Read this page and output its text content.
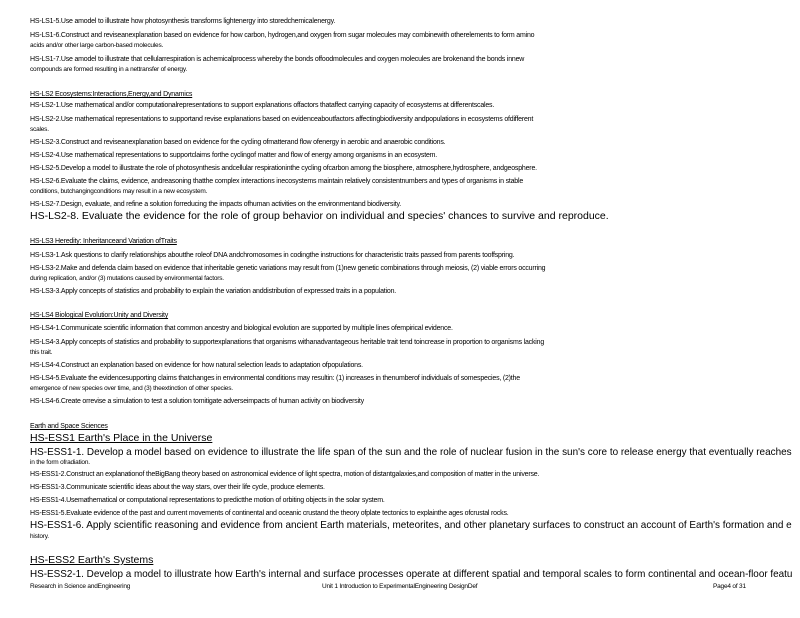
HS-LS1-5.Use amodel to illustrate how photosynthesis transforms lightenergy into storedchemicalenergy.
HS-LS1-6.Construct and reviseanexplanation based on evidence for how carbon, hydrogen,and oxygen from sugar molecules may combinewith otherelements to form amino
acids and/or other large carbon-based molecules.
HS-LS1-7.Use amodel to illustrate that cellularrespiration is achemicalprocess whereby the bonds offoodmolecules and oxygen molecules are brokenand the bonds innew
compounds are formed resulting in a nettransfer of energy.
HS-LS2 Ecosystems:Interactions,Energy,and Dynamics
HS-LS2-1.Use mathematical and/or computationalrepresentations to support explanations offactors thataffect carrying capacity of ecosystems at differentscales.
HS-LS2-2.Use mathematical representations to supportand revise explanations based on evidenceaboutfactors affectingbiodiversity andpopulations in ecosystems ofdifferent
scales.
HS-LS2-3.Construct and reviseanexplanation based on evidence for the cycling ofmatterand flow ofenergy in aerobic and anaerobic conditions.
HS-LS2-4.Use mathematical representations to supportclaims forthe cyclingof matter and flow of energy among organisms in an ecosystem.
HS-LS2-5.Develop a model to illustrate the role of photosynthesis andcellular respirationinthe cycling ofcarbon among the biosphere, atmosphere,hydrosphere, andgeosphere.
HS-LS2-6.Evaluate the claims, evidence, andreasoning thatthe complex interactions inecosystems maintain relatively consistentnumbers and types of organisms in stable
conditions, butchangingconditions may result in a new ecosystem.
HS-LS2-7.Design, evaluate, and refine a solution forreducing the impacts ofhuman activities on the environmentand biodiversity.
HS-LS2-8. Evaluate the evidence for the role of group behavior on individual and species' chances to survive and reproduce.
HS-LS3 Heredity: Inheritanceand Variation ofTraits
HS-LS3-1.Ask questions to clarify relationships aboutthe roleof DNA andchromosomes in codingthe instructions for characteristic traits passed from parents tooffspring.
HS-LS3-2.Make and defenda claim based on evidence that inheritable genetic variations may result from (1)new genetic combinations through meiosis, (2) viable errors occurring
during replication, and/or (3) mutations caused by environmental factors.
HS-LS3-3.Apply concepts of statistics and probability to explain the variation anddistribution of expressed traits in a population.
HS-LS4 Biological Evolution:Unity and Diversity
HS-LS4-1.Communicate scientific information that common ancestry and biological evolution are supported by multiple lines ofempirical evidence.
HS-LS4-3.Apply concepts of statistics and probability to supportexplanations that organisms withanadvantageous heritable trait tend toincrease in proportion to organisms lacking
this trait.
HS-LS4-4.Construct an explanation based on evidence for how natural selection leads to adaptation ofpopulations.
HS-LS4-5.Evaluate the evidencesupporting claims thatchanges in environmental conditions may resultin: (1) increases in thenumberof individuals of somespecies, (2)the
emergence of new species over time, and (3) theextinction of other species.
HS-LS4-6.Create orrevise a simulation to test a solution tomitigate adverseimpacts of human activity on biodiversity
Earth and Space Sciences
HS-ESS1 Earth's Place in the Universe
HS-ESS1-1. Develop a model based on evidence to illustrate the life span of the sun and the role of nuclear fusion in the sun's core to release energy that eventually reaches
in the form ofradiation.
HS-ESS1-2.Construct an explanationof theBigBang theory based on astronomical evidence of light spectra, motion of distantgalaxies,and composition of matter in the universe.
HS-ESS1-3.Communicate scientific ideas about the way stars, over their life cycle, produce elements.
HS-ESS1-4.Usemathematical or computational representations to predictthe motion of orbiting objects in the solar system.
HS-ESS1-5.Evaluate evidence of the past and current movements of continental and oceanic crustand the theory ofplate tectonics to explainthe ages ofcrustal rocks.
HS-ESS1-6. Apply scientific reasoning and evidence from ancient Earth materials, meteorites, and other planetary surfaces to construct an account of Earth's formation and e
history.
HS-ESS2 Earth's Systems
HS-ESS2-1. Develop a model to illustrate how Earth's internal and surface processes operate at different spatial and temporal scales to form continental and ocean-floor featu
Research in Science andEngineering	Unit 1 Introduction to ExperimentalEngineering DesignDef	Page4 of 31
